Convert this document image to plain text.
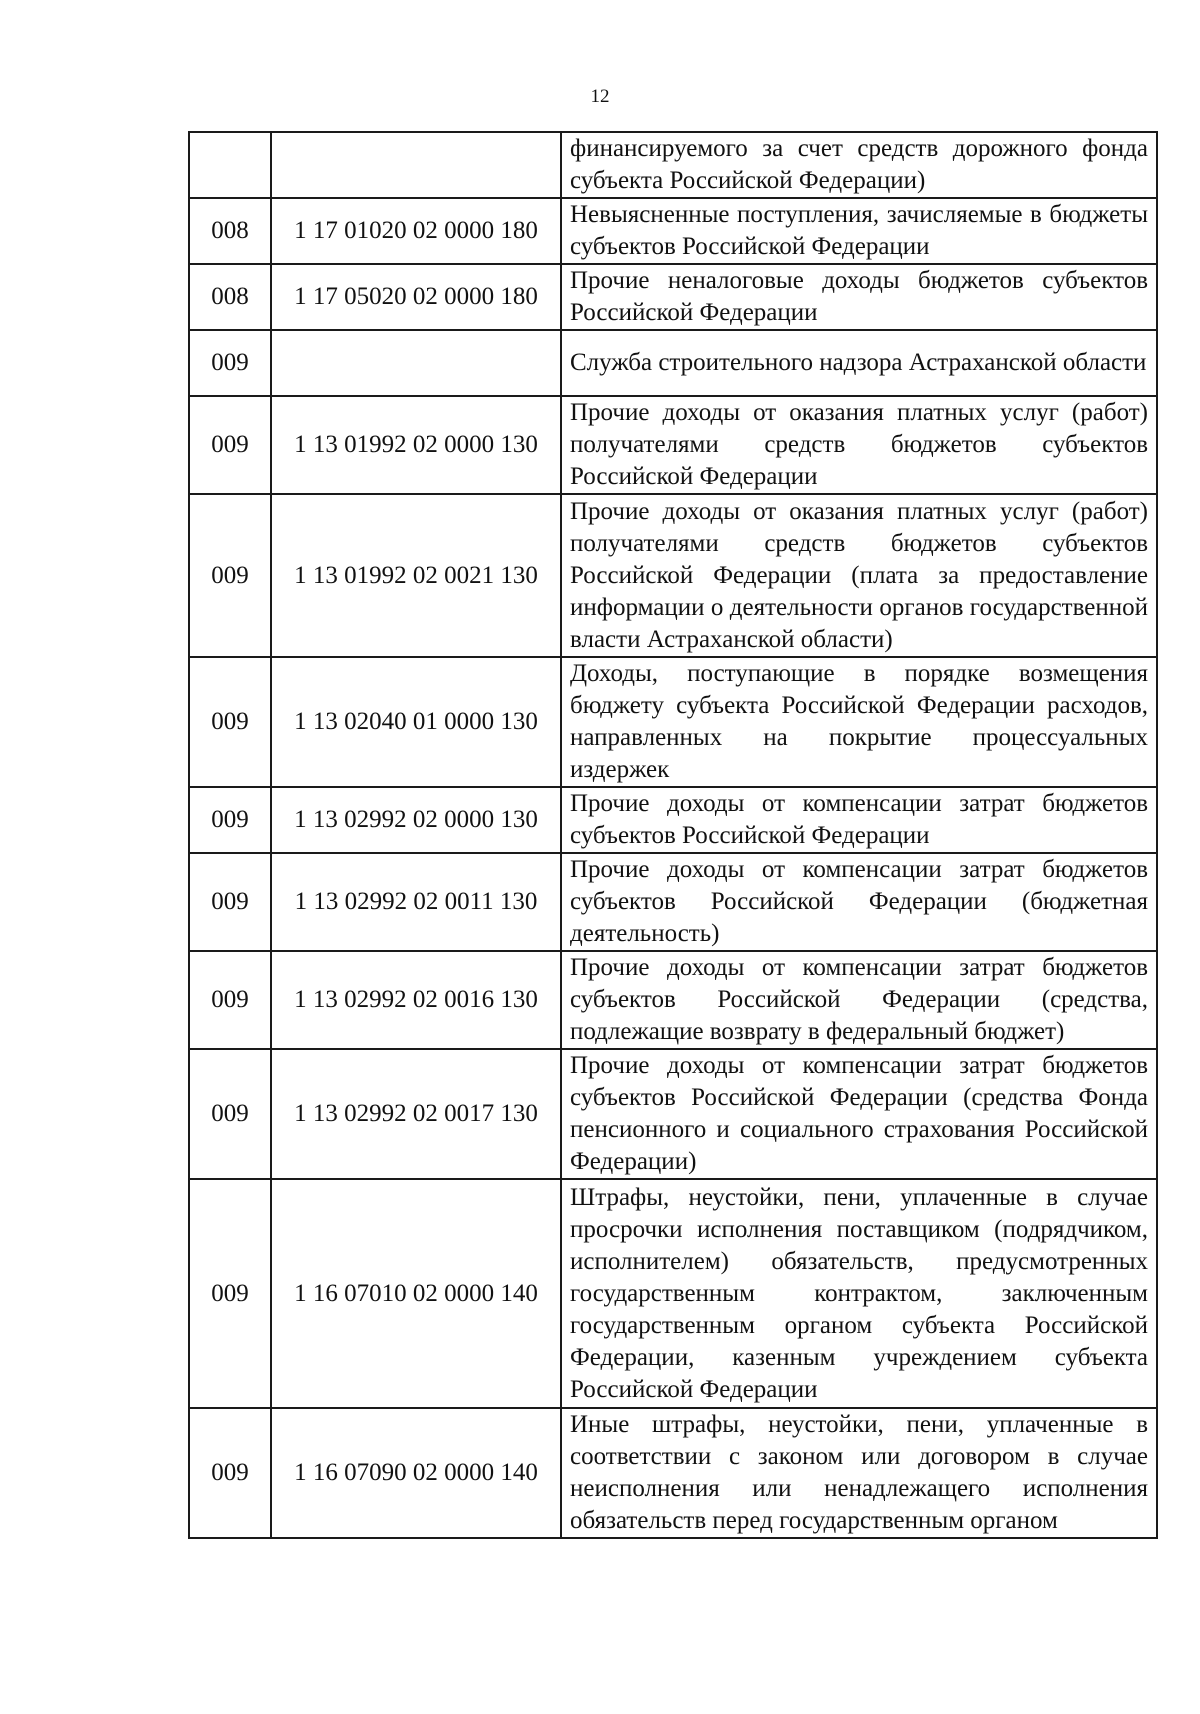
12
		финансируемого за счет средств дорожного фонда субъекта Российской Федерации)
008	1 17 01020 02 0000 180	Невыясненные поступления, зачисляемые в бюджеты субъектов Российской Федерации
008	1 17 05020 02 0000 180	Прочие неналоговые доходы бюджетов субъектов Российской Федерации
009		Служба строительного надзора Астраханской области
009	1 13 01992 02 0000 130	Прочие доходы от оказания платных услуг (работ) получателями средств бюджетов субъектов Российской Федерации
009	1 13 01992 02 0021 130	Прочие доходы от оказания платных услуг (работ) получателями средств бюджетов субъектов Российской Федерации (плата за предоставление информации о деятельности органов государственной власти Астраханской области)
009	1 13 02040 01 0000 130	Доходы, поступающие в порядке возмещения бюджету субъекта Российской Федерации расходов, направленных на покрытие процессуальных издержек
009	1 13 02992 02 0000 130	Прочие доходы от компенсации затрат бюджетов субъектов Российской Федерации
009	1 13 02992 02 0011 130	Прочие доходы от компенсации затрат бюджетов субъектов Российской Федерации (бюджетная деятельность)
009	1 13 02992 02 0016 130	Прочие доходы от компенсации затрат бюджетов субъектов Российской Федерации (средства, подлежащие возврату в федеральный бюджет)
009	1 13 02992 02 0017 130	Прочие доходы от компенсации затрат бюджетов субъектов Российской Федерации (средства Фонда пенсионного и социального страхования Российской Федерации)
009	1 16 07010 02 0000 140	Штрафы, неустойки, пени, уплаченные в случае просрочки исполнения поставщиком (подрядчиком, исполнителем) обязательств, предусмотренных государственным контрактом, заключенным государственным органом субъекта Российской Федерации, казенным учреждением субъекта Российской Федерации
009	1 16 07090 02 0000 140	Иные штрафы, неустойки, пени, уплаченные в соответствии с законом или договором в случае неисполнения или ненадлежащего исполнения обязательств перед государственным органом
